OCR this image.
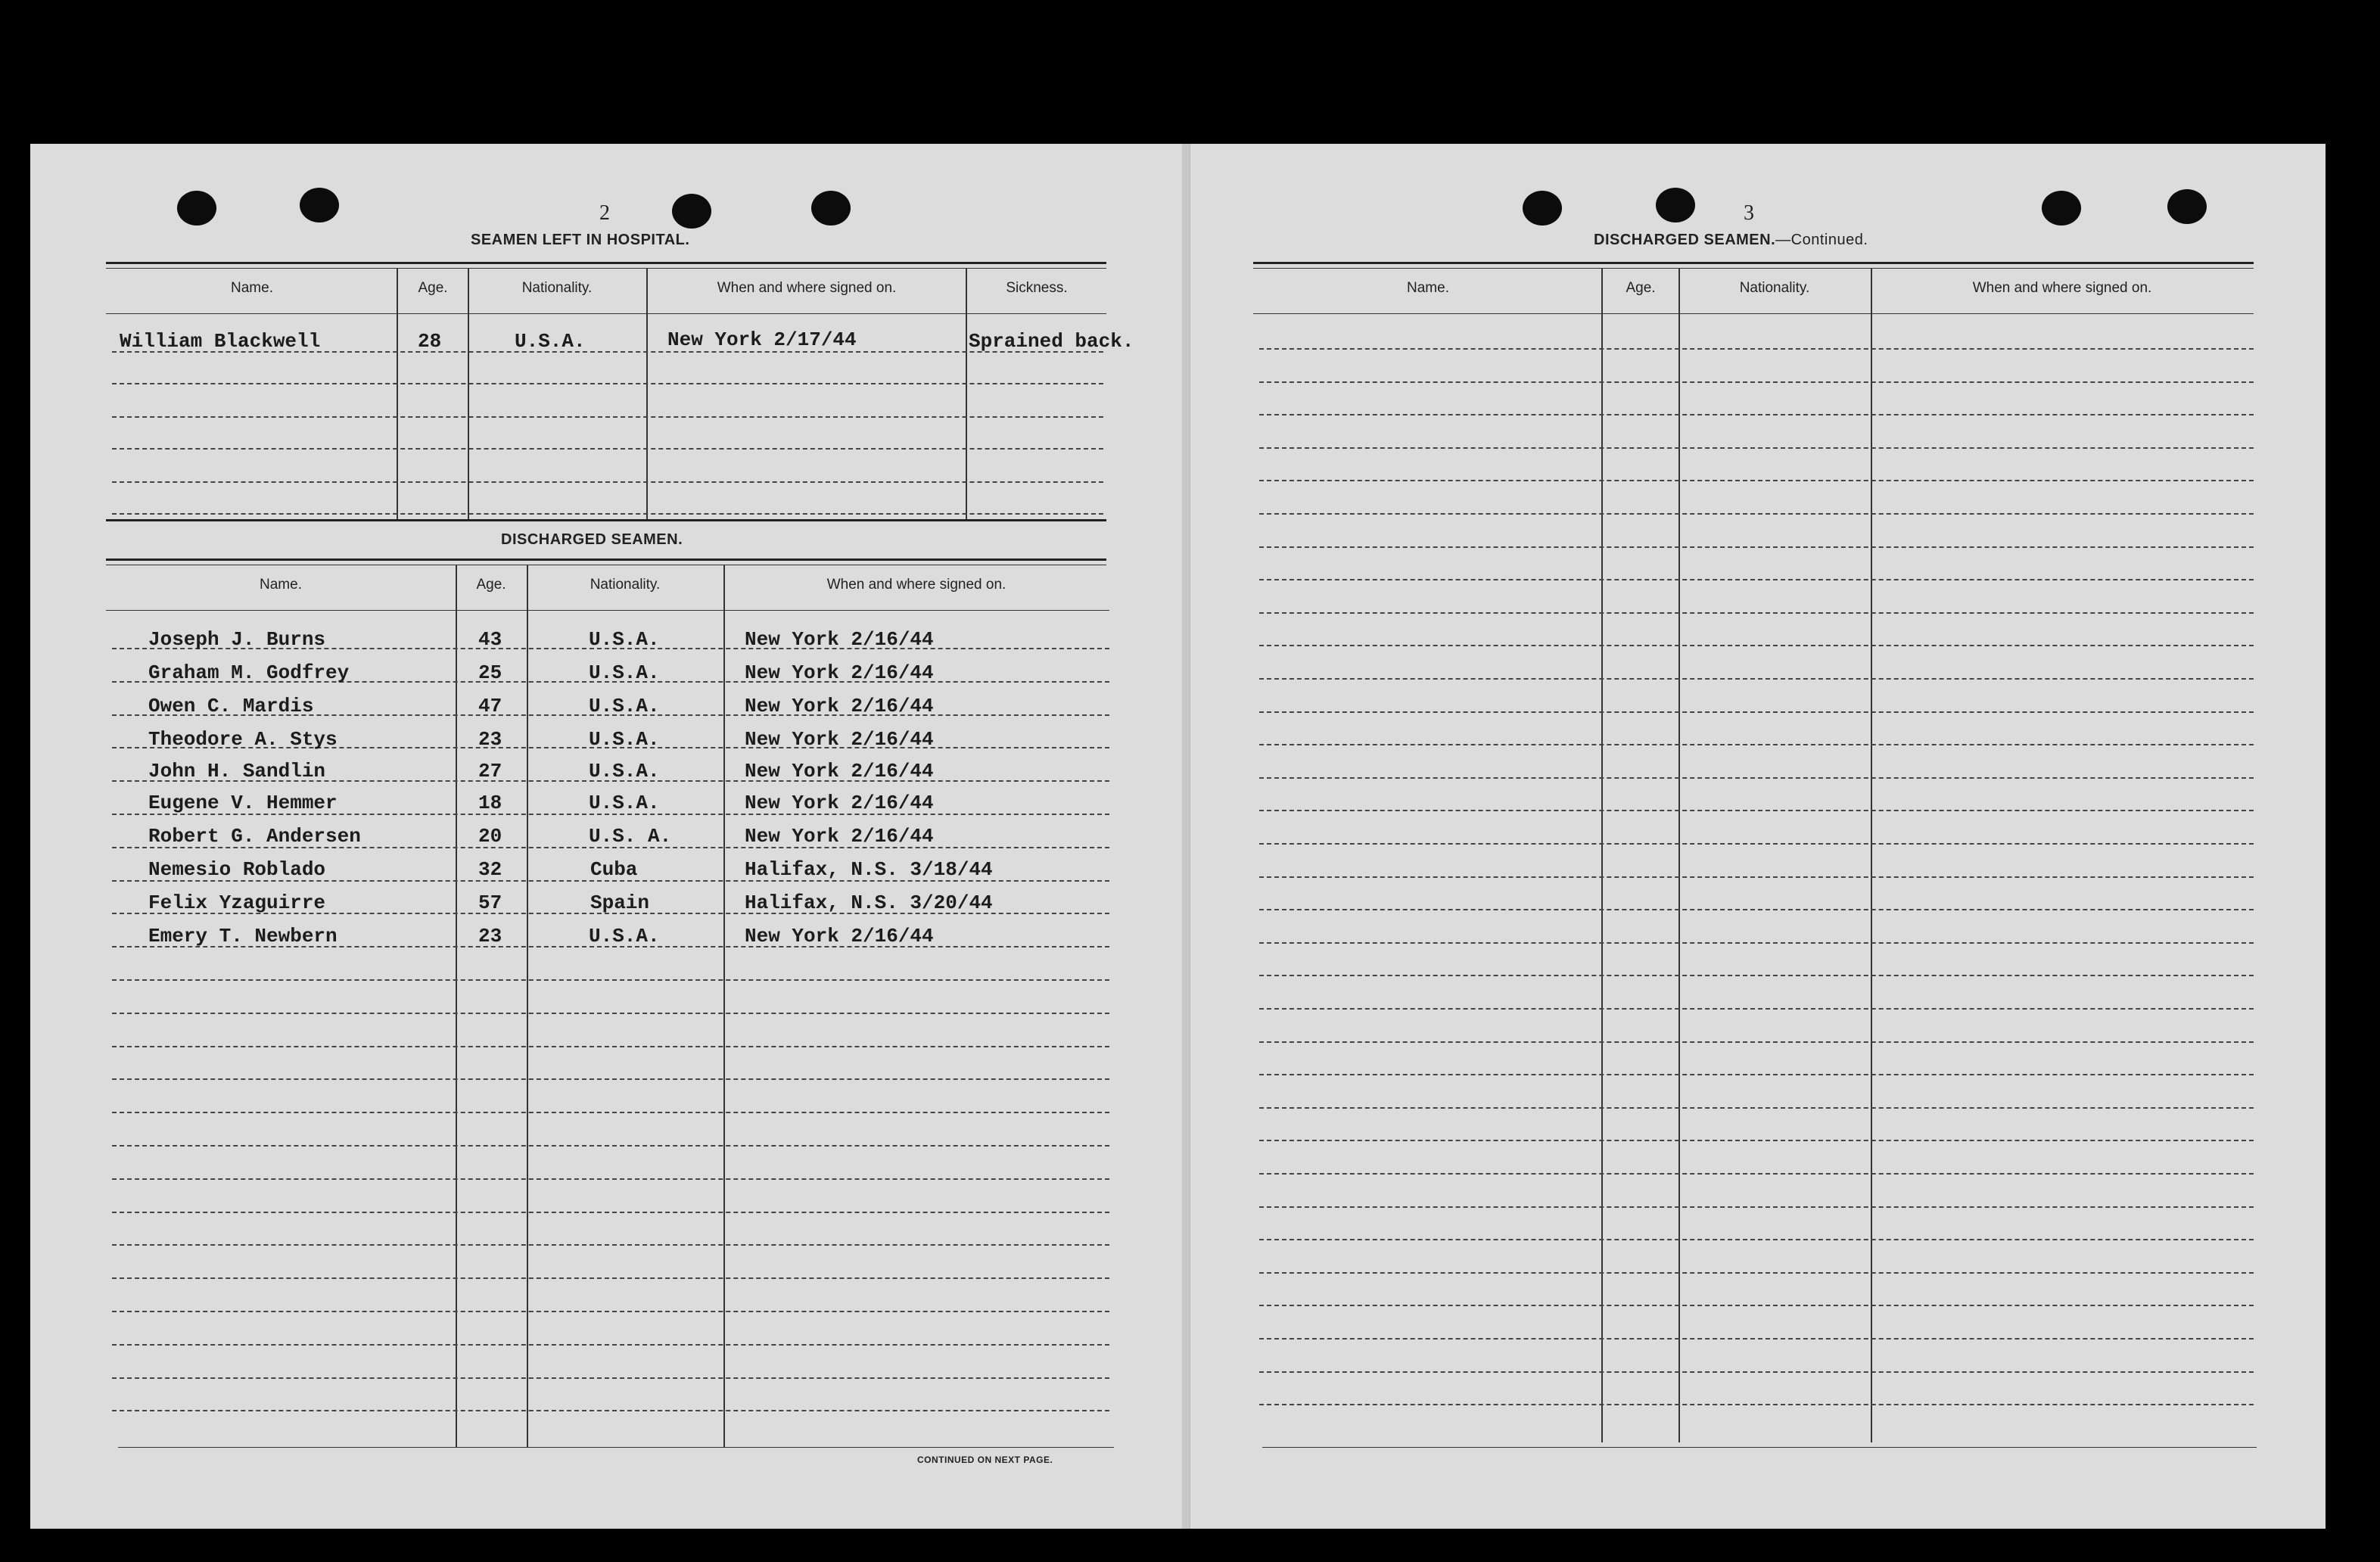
2
SEAMEN LEFT IN HOSPITAL.
Name.	Age.	Nationality.	When and where signed on.	Sickness.
William Blackwell	28	U.S.A.	New York 2/17/44	Sprained back.
DISCHARGED SEAMEN.
Name.	Age.	Nationality.	When and where signed on.
Joseph J. Burns	43	U.S.A.	New York 2/16/44
Graham M. Godfrey	25	U.S.A.	New York 2/16/44
Owen C. Mardis	47	U.S.A.	New York 2/16/44
Theodore A. Stys	23	U.S.A.	New York 2/16/44
John H. Sandlin	27	U.S.A.	New York 2/16/44
Eugene V. Hemmer	18	U.S.A.	New York 2/16/44
Robert G. Andersen	20	U.S. A.	New York 2/16/44
Nemesio Roblado	32	Cuba	Halifax, N.S. 3/18/44
Felix Yzaguirre	57	Spain	Halifax, N.S. 3/20/44
Emery T. Newbern	23	U.S.A.	New York 2/16/44
CONTINUED ON NEXT PAGE.
3
DISCHARGED SEAMEN.—Continued.
Name.	Age.	Nationality.	When and where signed on.
